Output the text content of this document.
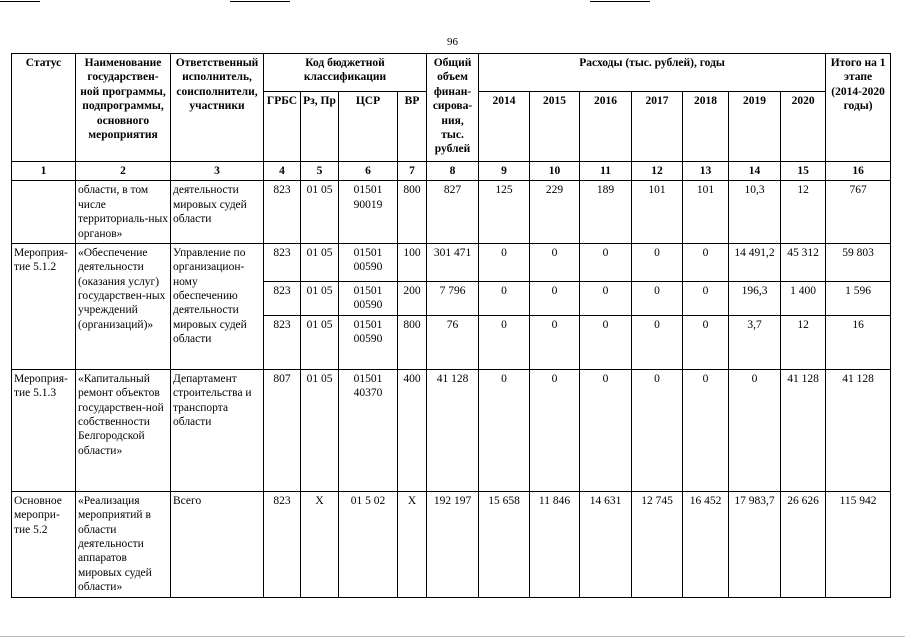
96
Статус	Наименование государствен-ной программы, подпрограммы, основного мероприятия	Ответственный исполнитель, соисполнители, участники	Код бюджетной классификации				Общий объем финан-сирова-ния, тыс. рублей	Расходы (тыс. рублей), годы							Итого на 1 этапе (2014-2020 годы)
			ГРБС	Рз, Пр	ЦСР	ВР		2014	2015	2016	2017	2018	2019	2020	
1	2	3	4	5	6	7	8	9	10	11	12	13	14	15	16
	области, в том числе территориаль-ных органов»	деятельности мировых судей области	823	01 05	01501 90019	800	827	125	229	189	101	101	10,3	12	767
Мероприя-тие 5.1.2	«Обеспечение деятельности (оказания услуг) государствен-ных учреждений (организаций)»	Управление по организацион-ному обеспечению деятельности мировых судей области	823	01 05	01501 00590	100	301 471	0	0	0	0	0	14 491,2	45 312	59 803
			823	01 05	01501 00590	200	7 796	0	0	0	0	0	196,3	1 400	1 596
			823	01 05	01501 00590	800	76	0	0	0	0	0	3,7	12	16
Мероприя-тие 5.1.3	«Капитальный ремонт объектов государствен-ной собственности Белгородской области»	Департамент строительства и транспорта области	807	01 05	01501 40370	400	41 128	0	0	0	0	0	0	41 128	41 128
Основное меропри-тие 5.2	«Реализация мероприятий в области деятельности аппаратов мировых судей области»	Всего	823	Х	01 5 02	Х	192 197	15 658	11 846	14 631	12 745	16 452	17 983,7	26 626	115 942
